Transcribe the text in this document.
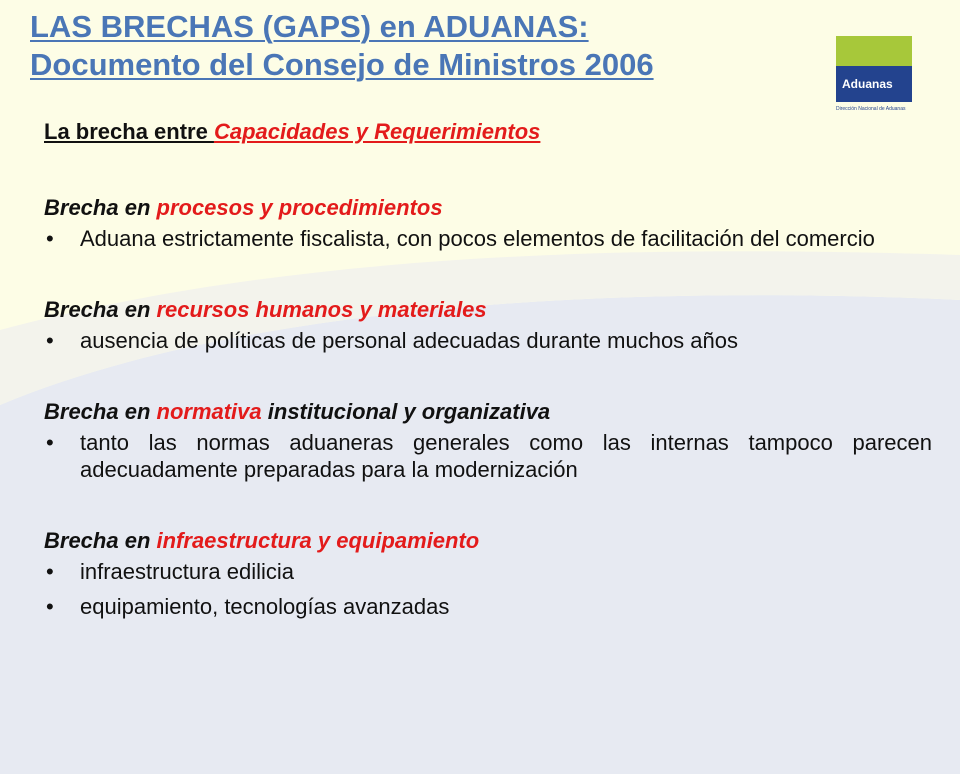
LAS BRECHAS (GAPS) en ADUANAS:
Documento del Consejo de Ministros 2006
Aduanas
Dirección Nacional de Aduanas

La brecha entre Capacidades y Requerimientos

Brecha en procesos y procedimientos

• Aduana estrictamente fiscalista, con pocos elementos de facilitación del comercio

Brecha en recursos humanos y materiales

• ausencia de políticas de personal adecuadas durante muchos años

Brecha en normativa institucional y organizativa

• tanto las normas aduaneras generales como las internas tampoco parecen adecuadamente preparadas para la modernización

Brecha en infraestructura y equipamiento

• infraestructura edilicia
• equipamiento, tecnologías avanzadas
